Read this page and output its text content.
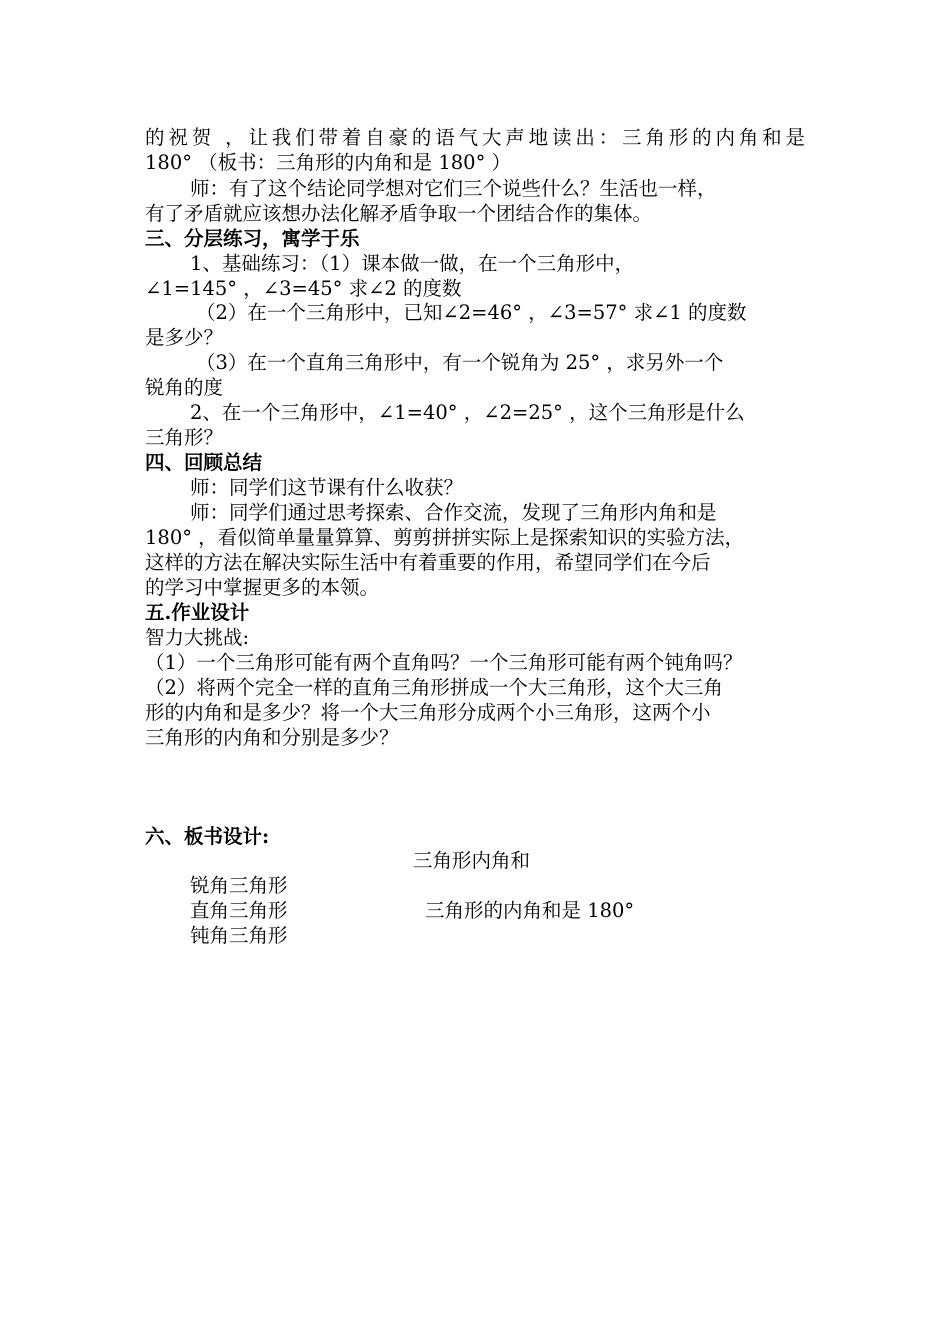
的祝贺 ，让我们带着自豪的语气大声地读出：三角形的内角和是
180° （板书：三角形的内角和是 180° ）
师：有了这个结论同学想对它们三个说些什么？生活也一样，
有了矛盾就应该想办法化解矛盾争取一个团结合作的集体。
三、分层练习，寓学于乐
1、基础练习：（1）课本做一做，在一个三角形中，
∠1=145° ，∠3=45° 求∠2 的度数
（2）在一个三角形中，已知∠2=46° ，∠3=57° 求∠1 的度数
是多少？
（3）在一个直角三角形中，有一个锐角为 25° ，求另外一个
锐角的度
2、在一个三角形中，∠1=40° ，∠2=25° ，这个三角形是什么
三角形？
四、回顾总结
师：同学们这节课有什么收获？
师：同学们通过思考探索、合作交流，发现了三角形内角和是
180° ，看似简单量量算算、剪剪拼拼实际上是探索知识的实验方法，
这样的方法在解决实际生活中有着重要的作用，希望同学们在今后
的学习中掌握更多的本领。
五.作业设计
智力大挑战:
（1）一个三角形可能有两个直角吗？一个三角形可能有两个钝角吗？
（2）将两个完全一样的直角三角形拼成一个大三角形，这个大三角
形的内角和是多少？将一个大三角形分成两个小三角形，这两个小
三角形的内角和分别是多少？
六、板书设计:
三角形内角和
锐角三角形
直角三角形	三角形的内角和是 180°
钝角三角形
